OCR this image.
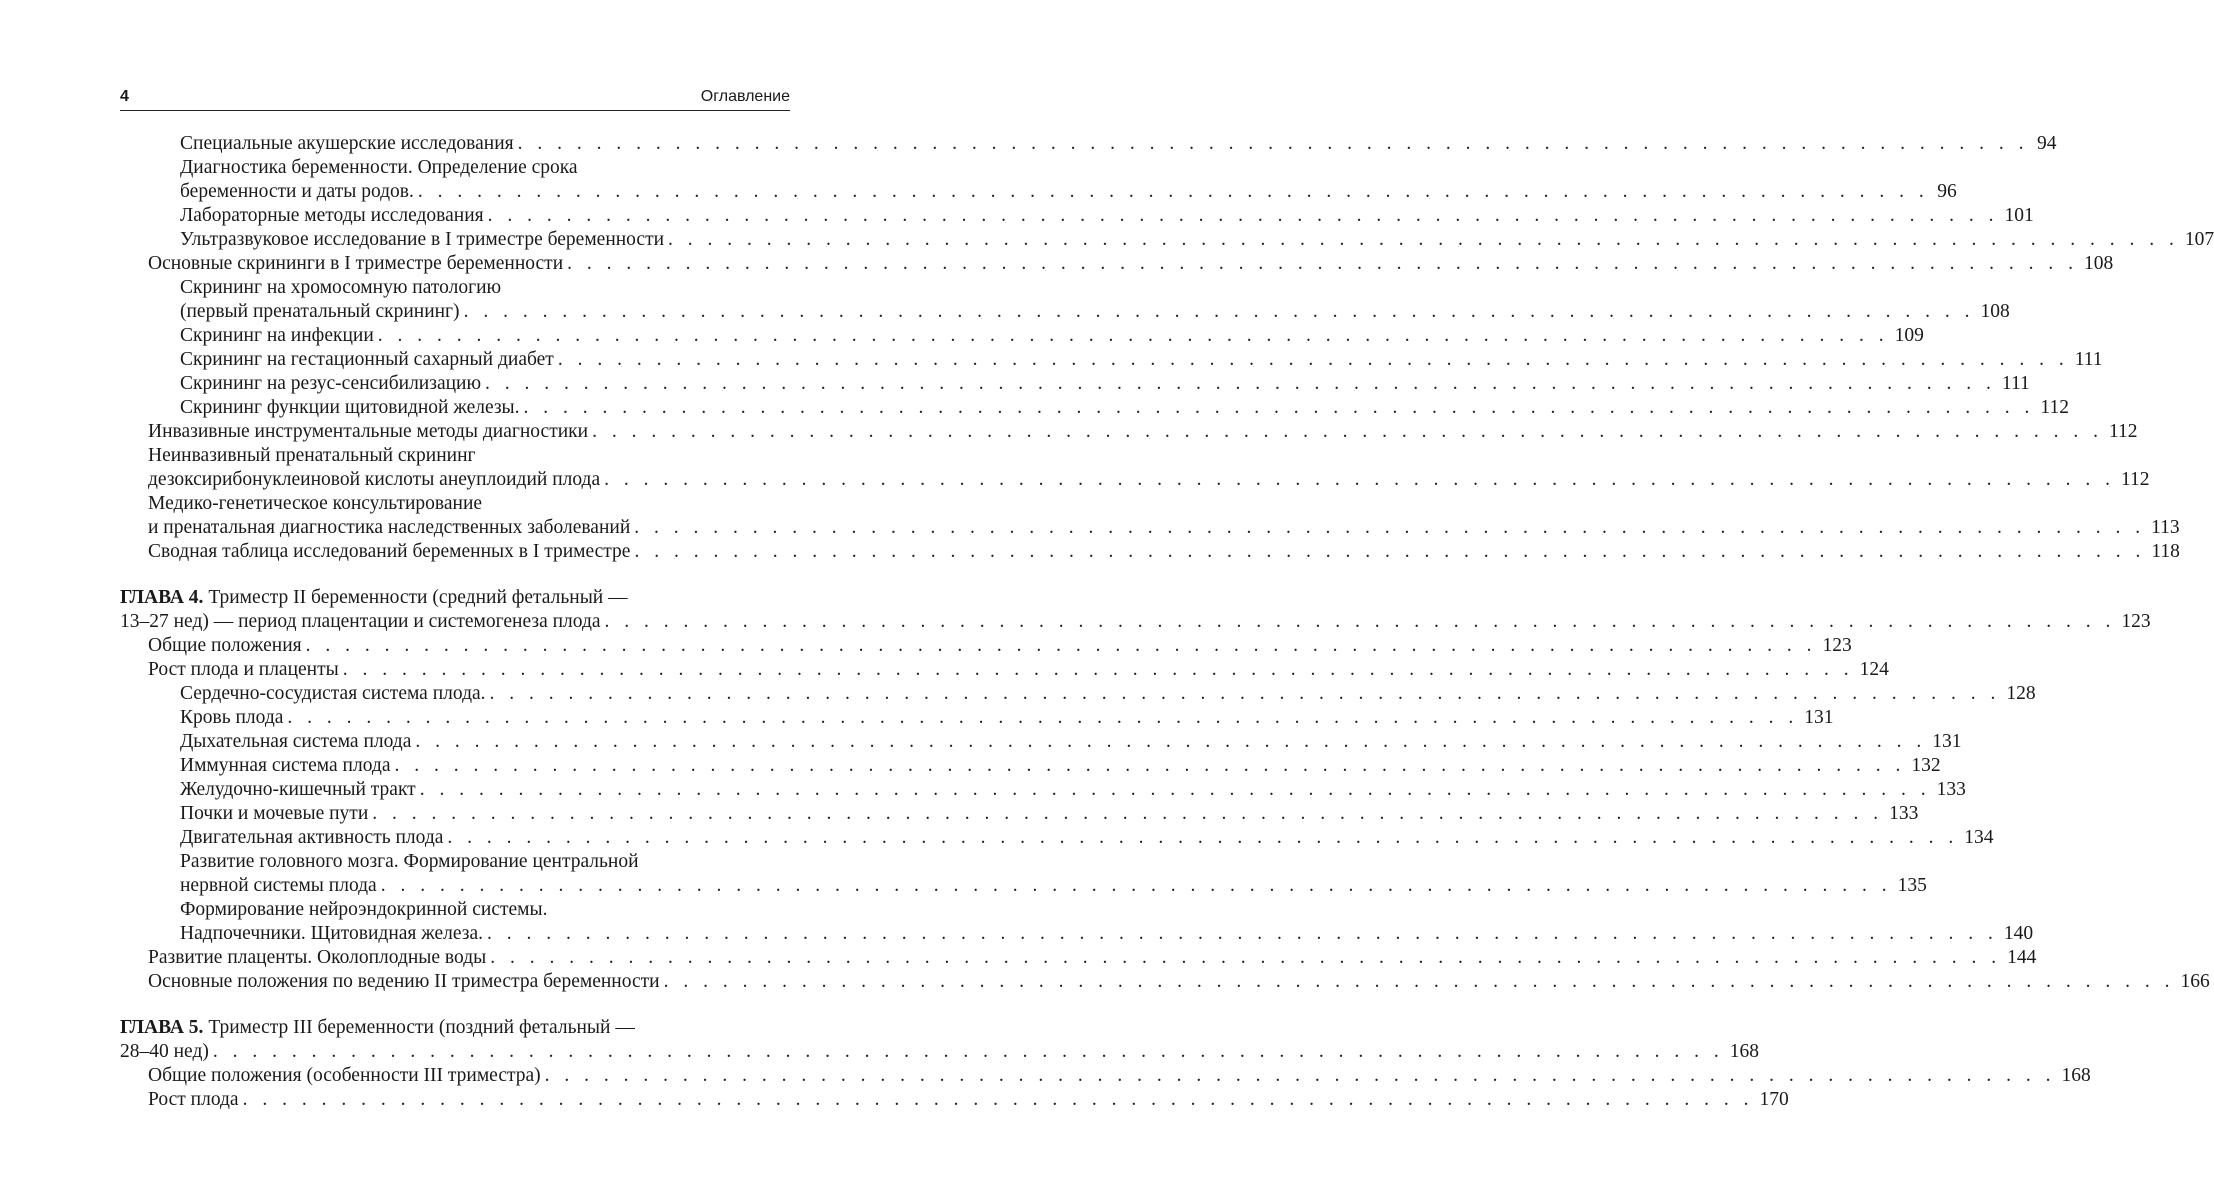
4	Оглавление
Специальные акушерские исследования . . . . . . . . . . . . . . . . . . . . . . . . . . . . . . . . . . . . . . . . . . . . . . . . . . . . . . . . . . . . . . . . . . . . . . . . . . . . . 94
Диагностика беременности. Определение срока
беременности и даты родов. . . . . . . . . . . . . . . . . . . . . . . . . . . . . . . . . . . . . . . . . . . . . . . . . . . . . . . . . . . . . . . . . . . . . . . . . . . . . . 96
Лабораторные методы исследования . . . . . . . . . . . . . . . . . . . . . . . . . . . . . . . . . . . . . . . . . . . . . . . . . . . . . . . . . . . . . . . . . . . . . . . . . . . . . 101
Ультразвуковое исследование в I триместре беременности . . . . . . . . . . . . . . . . . . . . . . . . . . . . . . . . . . . . . . . . . . . . . . . . . . . . . . . . . . . . . . . . . . . . . . . . . . . . . 107
Основные скрининги в I триместре беременности . . . . . . . . . . . . . . . . . . . . . . . . . . . . . . . . . . . . . . . . . . . . . . . . . . . . . . . . . . . . . . . . . . . . . . . . . . . . . 108
Скрининг на хромосомную патологию
(первый пренатальный скрининг) . . . . . . . . . . . . . . . . . . . . . . . . . . . . . . . . . . . . . . . . . . . . . . . . . . . . . . . . . . . . . . . . . . . . . . . . . . . . . 108
Скрининг на инфекции . . . . . . . . . . . . . . . . . . . . . . . . . . . . . . . . . . . . . . . . . . . . . . . . . . . . . . . . . . . . . . . . . . . . . . . . . . . . . 109
Скрининг на гестационный сахарный диабет . . . . . . . . . . . . . . . . . . . . . . . . . . . . . . . . . . . . . . . . . . . . . . . . . . . . . . . . . . . . . . . . . . . . . . . . . . . . . 111
Скрининг на резус-сенсибилизацию . . . . . . . . . . . . . . . . . . . . . . . . . . . . . . . . . . . . . . . . . . . . . . . . . . . . . . . . . . . . . . . . . . . . . . . . . . . . . 111
Скрининг функции щитовидной железы. . . . . . . . . . . . . . . . . . . . . . . . . . . . . . . . . . . . . . . . . . . . . . . . . . . . . . . . . . . . . . . . . . . . . . . . . . . . . . 112
Инвазивные инструментальные методы диагностики . . . . . . . . . . . . . . . . . . . . . . . . . . . . . . . . . . . . . . . . . . . . . . . . . . . . . . . . . . . . . . . . . . . . . . . . . . . . . 112
Неинвазивный пренатальный скрининг
дезоксирибонуклеиновой кислоты анеуплоидий плода . . . . . . . . . . . . . . . . . . . . . . . . . . . . . . . . . . . . . . . . . . . . . . . . . . . . . . . . . . . . . . . . . . . . . . . . . . . . . 112
Медико-генетическое консультирование
и пренатальная диагностика наследственных заболеваний . . . . . . . . . . . . . . . . . . . . . . . . . . . . . . . . . . . . . . . . . . . . . . . . . . . . . . . . . . . . . . . . . . . . . . . . . . . . . 113
Сводная таблица исследований беременных в I триместре . . . . . . . . . . . . . . . . . . . . . . . . . . . . . . . . . . . . . . . . . . . . . . . . . . . . . . . . . . . . . . . . . . . . . . . . . . . . . 118
ГЛАВА 4. Триместр II беременности (средний фетальный —
13–27 нед) — период плацентации и системогенеза плода . . . . . . . . . . . . . . . . . . . . . . . . . . . . . . . . . . . . . . . . . . . . . . . . . . . . . . . . . . . . . . . . . . . . . . . . . . . . . 123
Общие положения . . . . . . . . . . . . . . . . . . . . . . . . . . . . . . . . . . . . . . . . . . . . . . . . . . . . . . . . . . . . . . . . . . . . . . . . . . . . . 123
Рост плода и плаценты . . . . . . . . . . . . . . . . . . . . . . . . . . . . . . . . . . . . . . . . . . . . . . . . . . . . . . . . . . . . . . . . . . . . . . . . . . . . . 124
Сердечно-сосудистая система плода. . . . . . . . . . . . . . . . . . . . . . . . . . . . . . . . . . . . . . . . . . . . . . . . . . . . . . . . . . . . . . . . . . . . . . . . . . . . . . 128
Кровь плода . . . . . . . . . . . . . . . . . . . . . . . . . . . . . . . . . . . . . . . . . . . . . . . . . . . . . . . . . . . . . . . . . . . . . . . . . . . . . 131
Дыхательная система плода . . . . . . . . . . . . . . . . . . . . . . . . . . . . . . . . . . . . . . . . . . . . . . . . . . . . . . . . . . . . . . . . . . . . . . . . . . . . . 131
Иммунная система плода . . . . . . . . . . . . . . . . . . . . . . . . . . . . . . . . . . . . . . . . . . . . . . . . . . . . . . . . . . . . . . . . . . . . . . . . . . . . . 132
Желудочно-кишечный тракт . . . . . . . . . . . . . . . . . . . . . . . . . . . . . . . . . . . . . . . . . . . . . . . . . . . . . . . . . . . . . . . . . . . . . . . . . . . . . 133
Почки и мочевые пути . . . . . . . . . . . . . . . . . . . . . . . . . . . . . . . . . . . . . . . . . . . . . . . . . . . . . . . . . . . . . . . . . . . . . . . . . . . . . 133
Двигательная активность плода . . . . . . . . . . . . . . . . . . . . . . . . . . . . . . . . . . . . . . . . . . . . . . . . . . . . . . . . . . . . . . . . . . . . . . . . . . . . . 134
Развитие головного мозга. Формирование центральной
нервной системы плода . . . . . . . . . . . . . . . . . . . . . . . . . . . . . . . . . . . . . . . . . . . . . . . . . . . . . . . . . . . . . . . . . . . . . . . . . . . . . 135
Формирование нейроэндокринной системы.
Надпочечники. Щитовидная железа. . . . . . . . . . . . . . . . . . . . . . . . . . . . . . . . . . . . . . . . . . . . . . . . . . . . . . . . . . . . . . . . . . . . . . . . . . . . . . 140
Развитие плаценты. Околоплодные воды . . . . . . . . . . . . . . . . . . . . . . . . . . . . . . . . . . . . . . . . . . . . . . . . . . . . . . . . . . . . . . . . . . . . . . . . . . . . . 144
Основные положения по ведению II триместра беременности . . . . . . . . . . . . . . . . . . . . . . . . . . . . . . . . . . . . . . . . . . . . . . . . . . . . . . . . . . . . . . . . . . . . . . . . . . . . . 166
ГЛАВА 5. Триместр III беременности (поздний фетальный —
28–40 нед) . . . . . . . . . . . . . . . . . . . . . . . . . . . . . . . . . . . . . . . . . . . . . . . . . . . . . . . . . . . . . . . . . . . . . . . . . . . . . 168
Общие положения (особенности III триместра) . . . . . . . . . . . . . . . . . . . . . . . . . . . . . . . . . . . . . . . . . . . . . . . . . . . . . . . . . . . . . . . . . . . . . . . . . . . . . 168
Рост плода . . . . . . . . . . . . . . . . . . . . . . . . . . . . . . . . . . . . . . . . . . . . . . . . . . . . . . . . . . . . . . . . . . . . . . . . . . . . . 170
